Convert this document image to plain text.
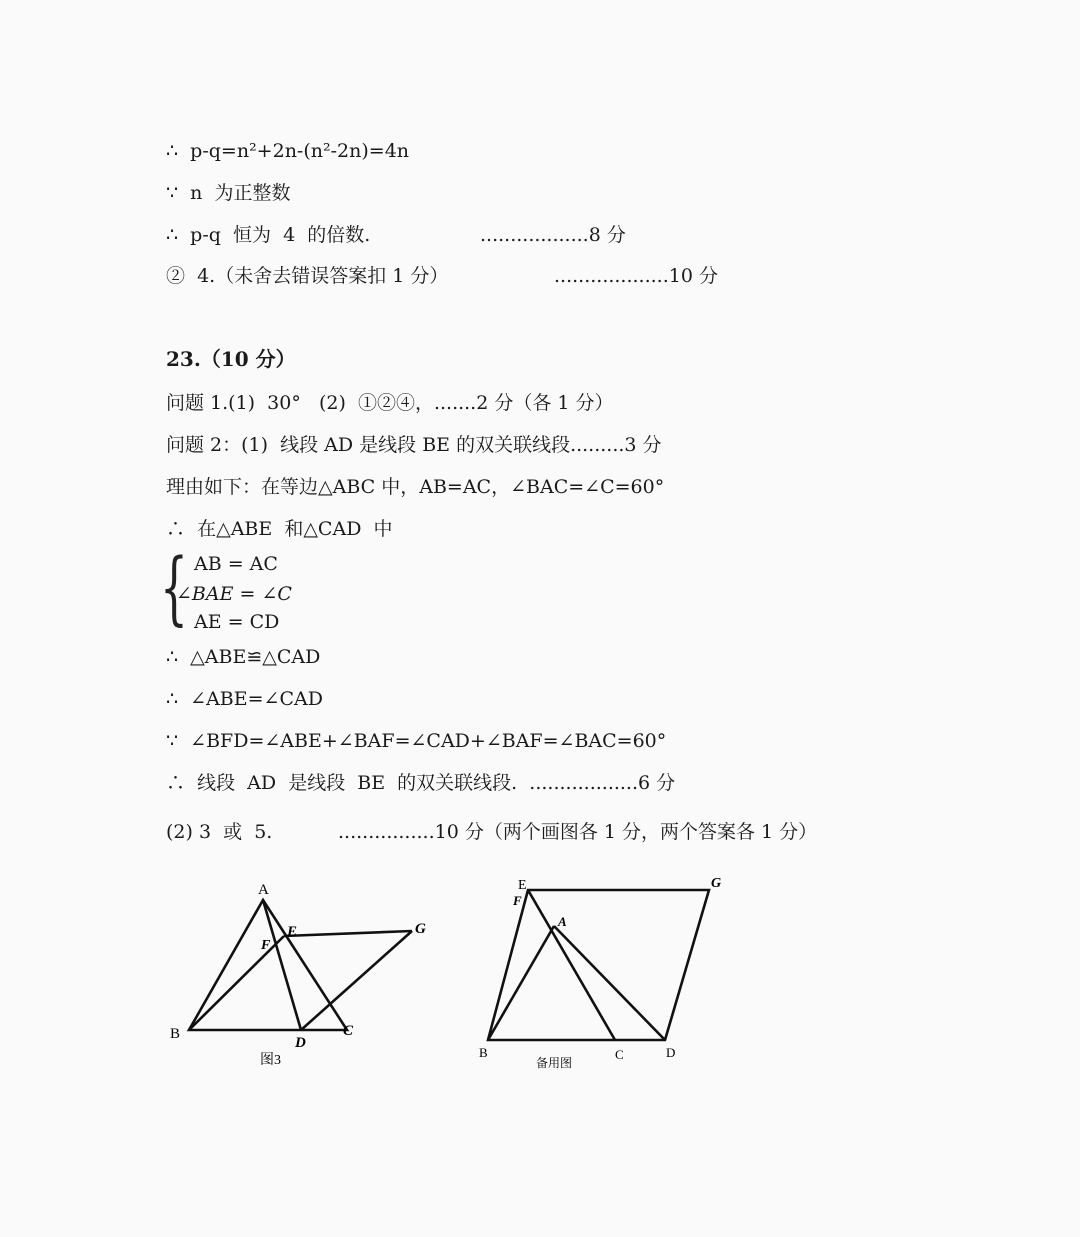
∴  p-q=n²+2n-(n²-2n)=4n
∵  n  为正整数
∴  p-q  恒为  4  的倍数.	..................8 分
②  4.（未舍去错误答案扣 1 分）	...................10 分
23.（10 分）
问题 1.(1)  30°   (2)  ①②④，.......2 分（各 1 分）
问题 2：(1)  线段 AD 是线段 BE 的双关联线段.........3 分
理由如下：在等边△ABC 中，AB=AC，∠BAC=∠C=60°
∴  在△ABE  和△CAD  中
{ AB = AC
∠BAE = ∠C
AE = CD
∴  △ABE≌△CAD
∴  ∠ABE=∠CAD
∵  ∠BFD=∠ABE+∠BAF=∠CAD+∠BAF=∠BAC=60°
∴  线段  AD  是线段  BE  的双关联线段.  ..................6 分
(2) 3  或  5.	................10 分（两个画图各 1 分，两个答案各 1 分）
A
B	C
D
E
F
G
图3
E
F
A
G
B	C	D
备用图
